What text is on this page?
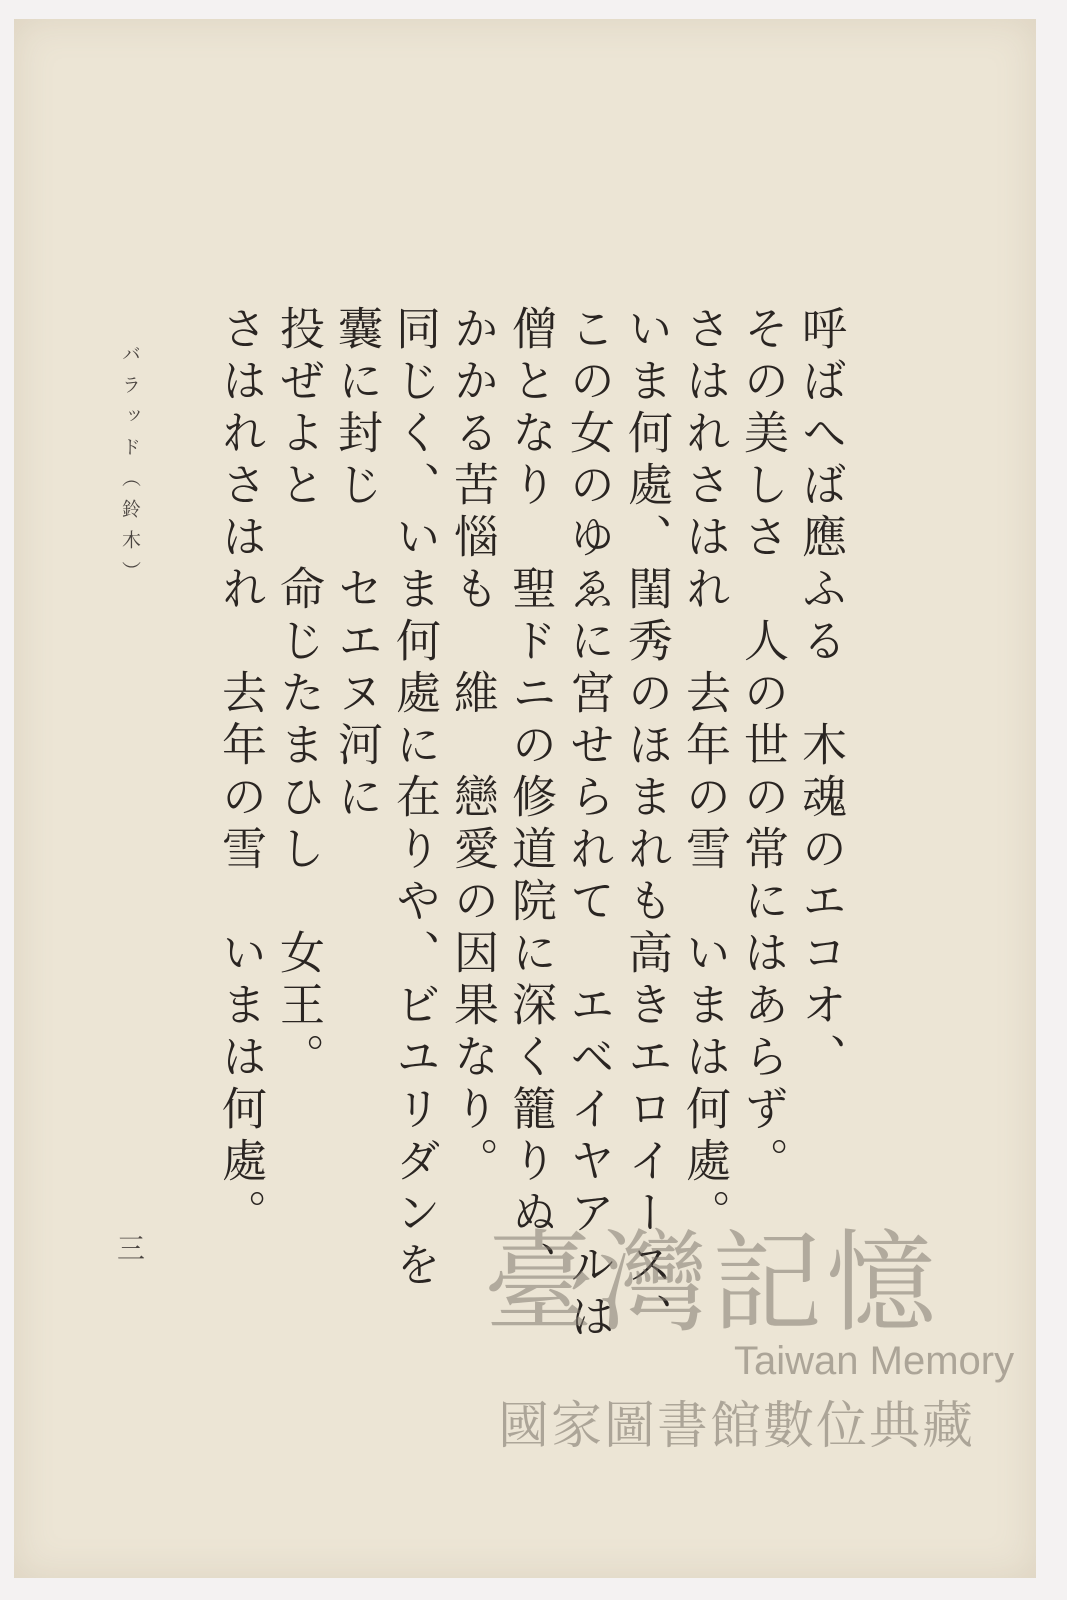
呼ばへば應ふる　木魂のエコオ、
その美しさ　人の世の常にはあらず。
さはれさはれ　去年の雪　いまは何處。
いま何處、閨秀のほまれも高きエロイース、
この女のゆゑに宮せられて　エベイヤアルは
僧となり　聖ドニの修道院に深く籠りぬ、
かかる苦惱も　維　戀愛の因果なり。
同じく、いま何處に在りや、ビユリダンを
囊に封じ　セエヌ河に
投ぜよと　命じたまひし　女王。
さはれさはれ　去年の雪　いまは何處。
バラッド（鈴木）
三	臺灣記憶
Taiwan Memory
國家圖書館數位典藏
